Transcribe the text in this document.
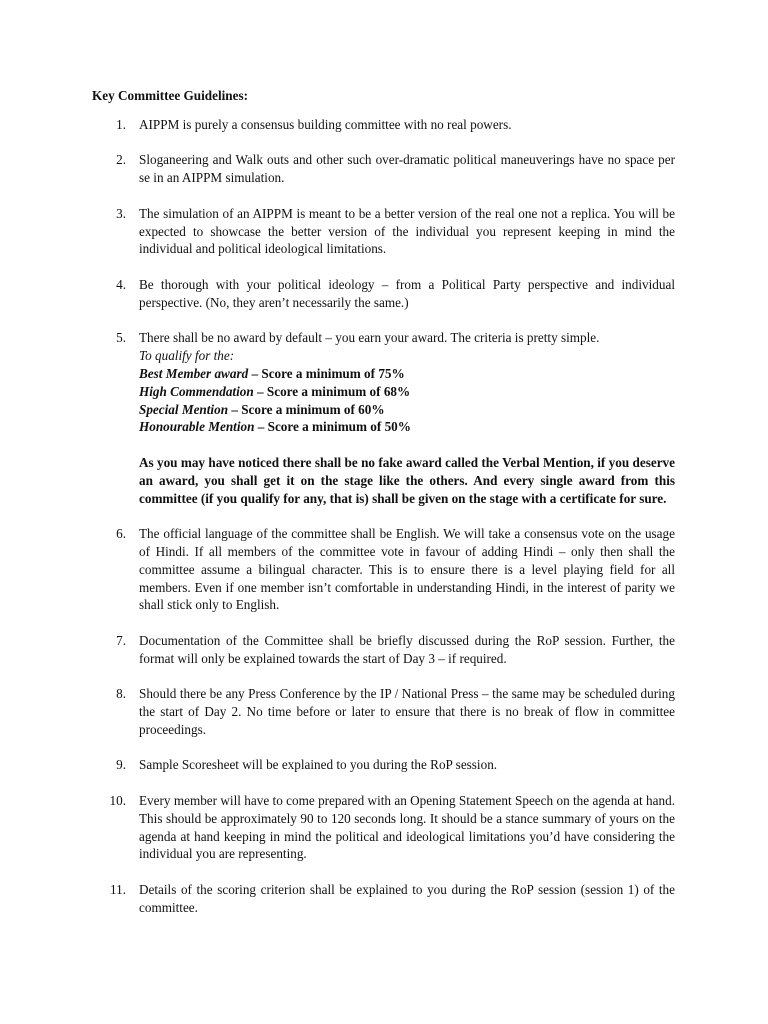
Key Committee Guidelines:
1. AIPPM is purely a consensus building committee with no real powers.
2. Sloganeering and Walk outs and other such over-dramatic political maneuverings have no space per se in an AIPPM simulation.
3. The simulation of an AIPPM is meant to be a better version of the real one not a replica. You will be expected to showcase the better version of the individual you represent keeping in mind the individual and political ideological limitations.
4. Be thorough with your political ideology – from a Political Party perspective and individual perspective. (No, they aren’t necessarily the same.)
5. There shall be no award by default – you earn your award. The criteria is pretty simple.
To qualify for the:
Best Member award – Score a minimum of 75%
High Commendation – Score a minimum of 68%
Special Mention – Score a minimum of 60%
Honourable Mention – Score a minimum of 50%
As you may have noticed there shall be no fake award called the Verbal Mention, if you deserve an award, you shall get it on the stage like the others. And every single award from this committee (if you qualify for any, that is) shall be given on the stage with a certificate for sure.
6. The official language of the committee shall be English. We will take a consensus vote on the usage of Hindi. If all members of the committee vote in favour of adding Hindi – only then shall the committee assume a bilingual character. This is to ensure there is a level playing field for all members. Even if one member isn’t comfortable in understanding Hindi, in the interest of parity we shall stick only to English.
7. Documentation of the Committee shall be briefly discussed during the RoP session. Further, the format will only be explained towards the start of Day 3 – if required.
8. Should there be any Press Conference by the IP / National Press – the same may be scheduled during the start of Day 2. No time before or later to ensure that there is no break of flow in committee proceedings.
9. Sample Scoresheet will be explained to you during the RoP session.
10. Every member will have to come prepared with an Opening Statement Speech on the agenda at hand. This should be approximately 90 to 120 seconds long. It should be a stance summary of yours on the agenda at hand keeping in mind the political and ideological limitations you’d have considering the individual you are representing.
11. Details of the scoring criterion shall be explained to you during the RoP session (session 1) of the committee.
